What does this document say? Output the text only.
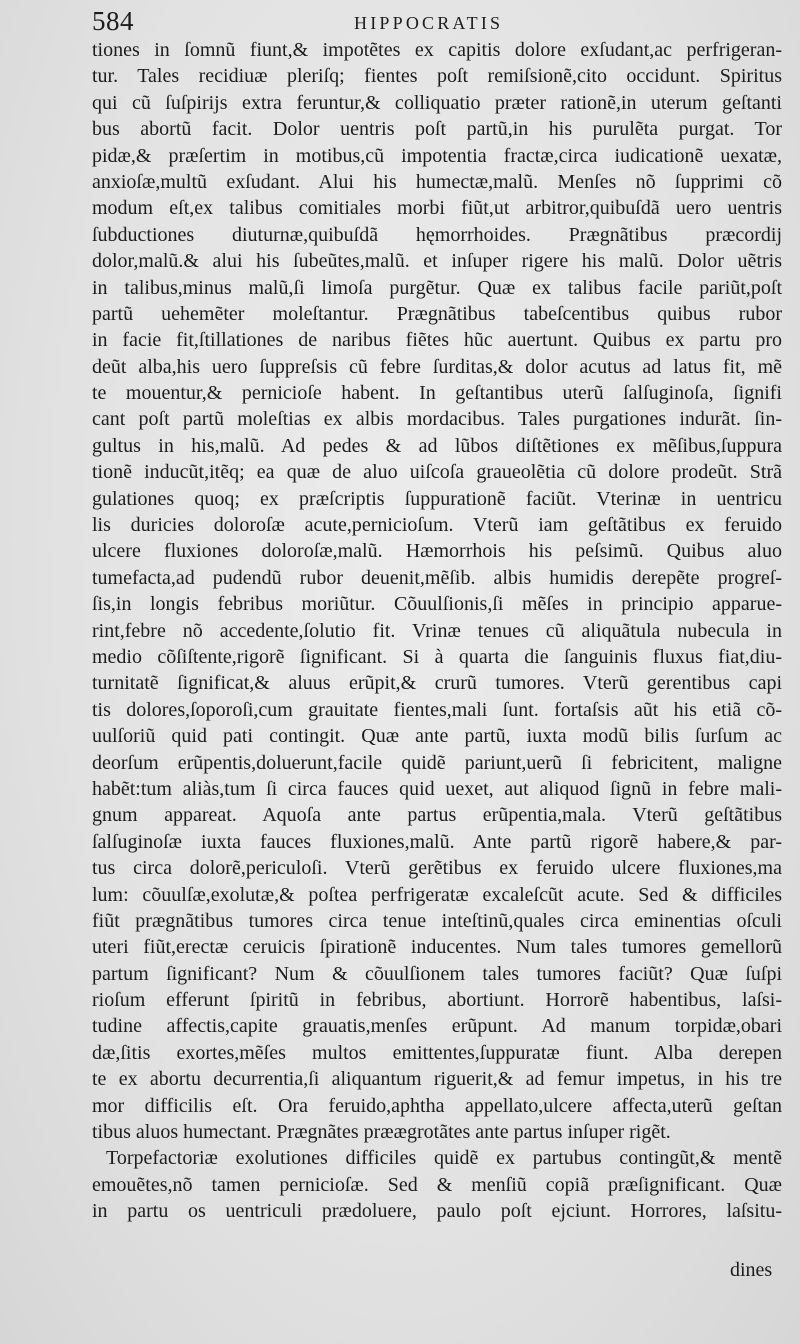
584	HIPPOCRATIS
tiones in ſomnũ fiunt,& impotẽtes ex capitis dolore exſudant,ac perfrigeran-
tur. Tales recidiuæ pleriſq; fientes poſt remiſsionẽ,cito occidunt. Spiritus
qui cũ ſuſpirijs extra feruntur,& colliquatio præter rationẽ,in uterum geſtanti
bus abortũ facit. Dolor uentris poſt partũ,in his purulẽta purgat. Tor
pidæ,& præſertim in motibus,cũ impotentia fractæ,circa iudicationẽ uexatæ,
anxioſæ,multũ exſudant. Alui his humectæ,malũ. Menſes nõ ſupprimi cõ
modum eſt,ex talibus comitiales morbi fiũt,ut arbitror,quibuſdã uero uentris
ſubductiones diuturnæ,quibuſdã hęmorrhoides. Prægnãtibus præcordij
dolor,malũ.& alui his ſubeũtes,malũ. et inſuper rigere his malũ. Dolor uẽtris
in talibus,minus malũ,ſi limoſa purgẽtur. Quæ ex talibus facile pariũt,poſt
partũ uehemẽter moleſtantur. Prægnãtibus tabeſcentibus quibus rubor
in facie fit,ſtillationes de naribus fiẽtes hũc auertunt. Quibus ex partu pro
deũt alba,his uero ſuppreſsis cũ febre ſurditas,& dolor acutus ad latus fit, mẽ
te mouentur,& pernicioſe habent. In geſtantibus uterũ ſalſuginoſa, ſignifi
cant poſt partũ moleſtias ex albis mordacibus. Tales purgationes indurãt. ſin-
gultus in his,malũ. Ad pedes & ad lũbos diſtẽtiones ex mẽſibus,ſuppura
tionẽ inducũt,itẽq; ea quæ de aluo uiſcoſa graueolẽtia cũ dolore prodeũt. Strã
gulationes quoq; ex præſcriptis ſuppurationẽ faciũt. Vterinæ in uentricu
lis duricies doloroſæ acute,pernicioſum. Vterũ iam geſtãtibus ex feruido
ulcere fluxiones doloroſæ,malũ. Hæmorrhois his peſsimũ. Quibus aluo
tumefacta,ad pudendũ rubor deuenit,mẽſib. albis humidis derepẽte progreſ-
ſis,in longis febribus moriũtur. Cõuulſionis,ſi mẽſes in principio apparue-
rint,febre nõ accedente,ſolutio fit. Vrinæ tenues cũ aliquãtula nubecula in
medio cõſiſtente,rigorẽ ſignificant. Si à quarta die ſanguinis fluxus fiat,diu-
turnitatẽ ſignificat,& aluus erũpit,& crurũ tumores. Vterũ gerentibus capi
tis dolores,ſoporoſi,cum grauitate fientes,mali ſunt. fortaſsis aũt his etiã cõ-
uulſoriũ quid pati contingit. Quæ ante partũ, iuxta modũ bilis ſurſum ac
deorſum erũpentis,doluerunt,facile quidẽ pariunt,uerũ ſi febricitent, maligne
habẽt:tum aliàs,tum ſi circa fauces quid uexet, aut aliquod ſignũ in febre mali-
gnum appareat. Aquoſa ante partus erũpentia,mala. Vterũ geſtãtibus
ſalſuginoſæ iuxta fauces fluxiones,malũ. Ante partũ rigorẽ habere,& par-
tus circa dolorẽ,periculoſi. Vterũ gerẽtibus ex feruido ulcere fluxiones,ma
lum: cõuulſæ,exolutæ,& poſtea perfrigeratæ excaleſcũt acute. Sed & difficiles
fiũt prægnãtibus tumores circa tenue inteſtinũ,quales circa eminentias oſculi
uteri fiũt,erectæ ceruicis ſpirationẽ inducentes. Num tales tumores gemellorũ
partum ſignificant? Num & cõuulſionem tales tumores faciũt? Quæ ſuſpi
rioſum efferunt ſpiritũ in febribus, abortiunt. Horrorẽ habentibus, laſsi-
tudine affectis,capite grauatis,menſes erũpunt. Ad manum torpidæ,obari
dæ,ſitis exortes,mẽſes multos emittentes,ſuppuratæ fiunt. Alba derepen
te ex abortu decurrentia,ſi aliquantum riguerit,& ad femur impetus, in his tre
mor difficilis eſt. Ora feruido,aphtha appellato,ulcere affecta,uterũ geſtan
tibus aluos humectant. Prægnãtes præægrotãtes ante partus inſuper rigẽt.
Torpefactoriæ exolutiones difficiles quidẽ ex partubus contingũt,& mentẽ
emouẽtes,nõ tamen pernicioſæ. Sed & menſiũ copiã præſignificant. Quæ
in partu os uentriculi prædoluere, paulo poſt ejciunt. Horrores, laſsitu-
dines
